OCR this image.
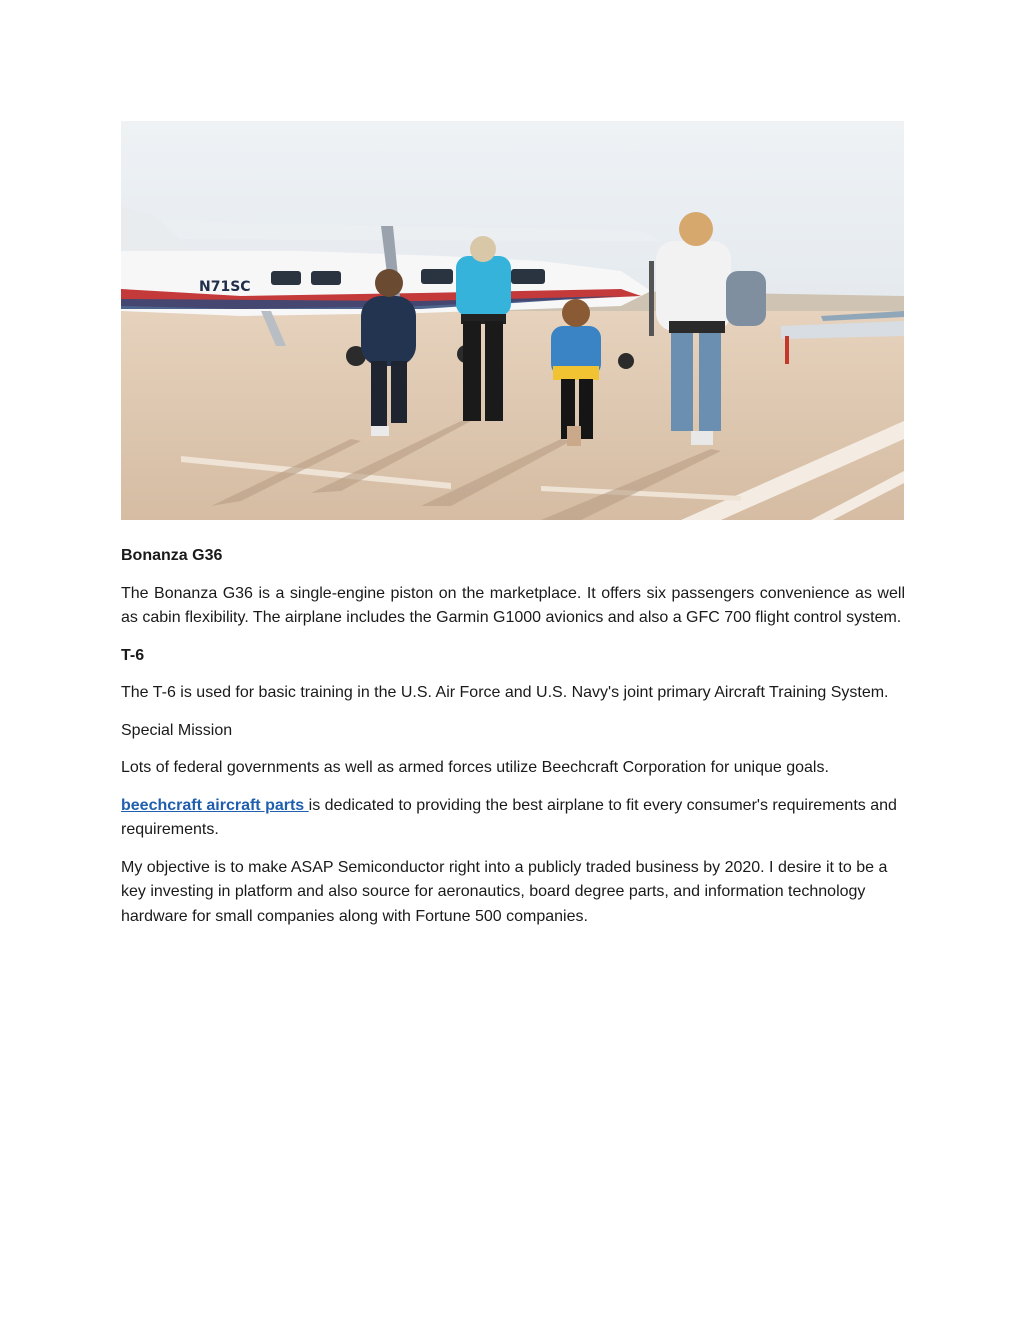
N71SC

Bonanza G36

The Bonanza G36 is a single-engine piston on the marketplace. It offers six passengers convenience as well as cabin flexibility. The airplane includes the Garmin G1000 avionics and also a GFC 700 flight control system.

T-6

The T-6 is used for basic training in the U.S. Air Force and U.S. Navy's joint primary Aircraft Training System.

Special Mission

Lots of federal governments as well as armed forces utilize Beechcraft Corporation for unique goals.

beechcraft aircraft parts is dedicated to providing the best airplane to fit every consumer's requirements and requirements.

My objective is to make ASAP Semiconductor right into a publicly traded business by 2020. I desire it to be a key investing in platform and also source for aeronautics, board degree parts, and information technology hardware for small companies along with Fortune 500 companies.
